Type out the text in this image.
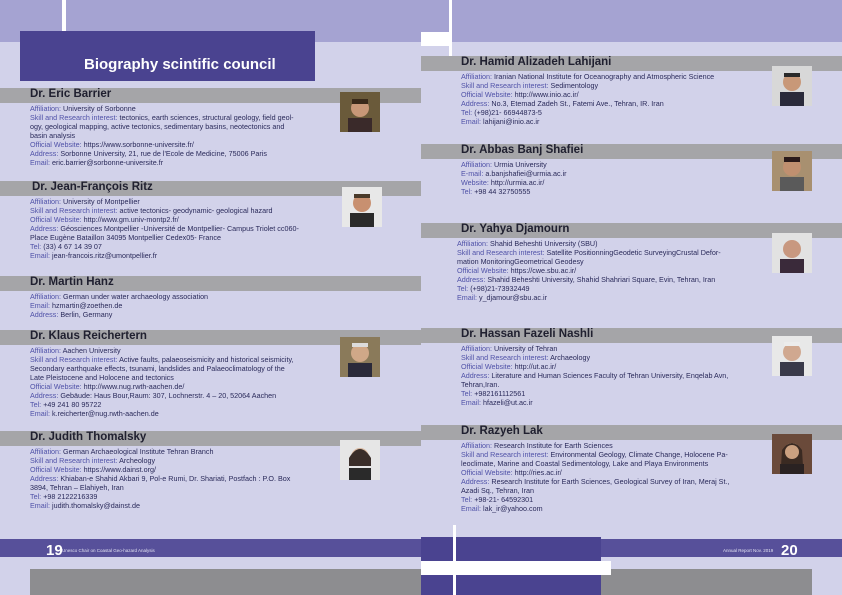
Biography scintific council
Dr. Eric Barrier
Affiliation: University of Sorbonne
Skill and Research interest: tectonics, earth sciences, structural geology, field geol-
ogy, geological mapping, active tectonics, sedimentary basins, neotectonics and
basin analysis
Official Website: https://www.sorbonne-universite.fr/
Address: Sorbonne University, 21, rue de l'Ecole de Medicine, 75006 Paris
Email: eric.barrier@sorbonne-universite.fr
Dr. Jean-François Ritz
Affiliation: University of Montpellier
Skill and Research interest: active tectonics- geodynamic- geological hazard
Official Website: http://www.gm.univ-montp2.fr/
Address: Géosciences Montpellier -Université de Montpellier- Campus Triolet cc060-
Place Eugène Bataillon 34095 Montpellier Cedex05- France
Tel: (33) 4 67 14 39 07
Email: jean-francois.ritz@umontpellier.fr
Dr. Martin Hanz
Affiliation: German under water archaeology association
Email: hzmartin@zoethen.de
Address: Berlin, Germany
Dr. Klaus Reichertern
Affiliation: Aachen University
Skill and Research interest: Active faults, palaeoseismicity and historical seismicity,
Secondary earthquake effects, tsunami, landslides and Palaeoclimatology of the
Late Pleistocene and Holocene and tectonics
Official Website: http://www.nug.rwth-aachen.de/
Address: Gebäude: Haus Bour,Raum: 307, Lochnerstr. 4 – 20, 52064 Aachen
Tel: +49 241 80 95722
Email: k.reicherter@nug.rwth-aachen.de
Dr. Judith Thomalsky
Affiliation: German Archaeological Institute Tehran Branch
Skill and Research interest: Archeology
Official Website: https://www.dainst.org/
Address: Khiaban-e Shahid Akbari 9, Pol-e Rumi, Dr. Shariati, Postfach : P.O. Box
3894, Tehran – Elahiyeh, Iran
Tel: +98 2122216339
Email: judith.thomalsky@dainst.de
19 Unesco Chair on Coastal Geo-hazard Analysis
Dr. Hamid Alizadeh Lahijani
Affiliation: Iranian National Institute for Oceanography and Atmospheric Science
Skill and Research interest: Sedimentology
Official Website: http://www.inio.ac.ir/
Address: No.3, Etemad Zadeh St., Fatemi Ave., Tehran, IR. Iran
Tel: (+98)21- 66944873-5
Email: lahijani@inio.ac.ir
Dr. Abbas Banj Shafiei
Affiliation: Urmia University
E-mail: a.banjshafiei@urmia.ac.ir
Website: http://urmia.ac.ir/
Tel: +98 44 32750555
Dr. Yahya Djamourn
Affiliation: Shahid Beheshti University (SBU)
Skill and Research interest: Satellite PositionningGeodetic SurveyingCrustal Defor-
mation MonitoringGeometrical Geodesy
Official Website: https://cwe.sbu.ac.ir/
Address: Shahid Beheshti University, Shahid Shahriari Square, Evin, Tehran, Iran
Tel: (+98)21-73932449
Email: y_djamour@sbu.ac.ir
Dr. Hassan Fazeli Nashli
Affiliation: University of Tehran
Skill and Research interest: Archaeology
Official Website: http://ut.ac.ir/
Address: Literature and Human Sciences Faculty of Tehran University, Enqelab Avn,
Tehran,Iran.
Tel: +982161112561
Email: hfazeli@ut.ac.ir
Dr. Razyeh Lak
Affiliation: Research Institute for Earth Sciences
Skill and Research interest: Environmental Geology, Climate Change, Holocene Pa-
leoclimate, Marine and Coastal Sedimentology, Lake and Playa Environments
Official Website: http://ries.ac.ir/
Address: Research Institute for Earth Sciences, Geological Survey of Iran, Meraj St.,
Azadi Sq., Tehran, Iran
Tel: +98-21- 64592301
Email: lak_ir@yahoo.com
20
Annual Report Nov. 2019
